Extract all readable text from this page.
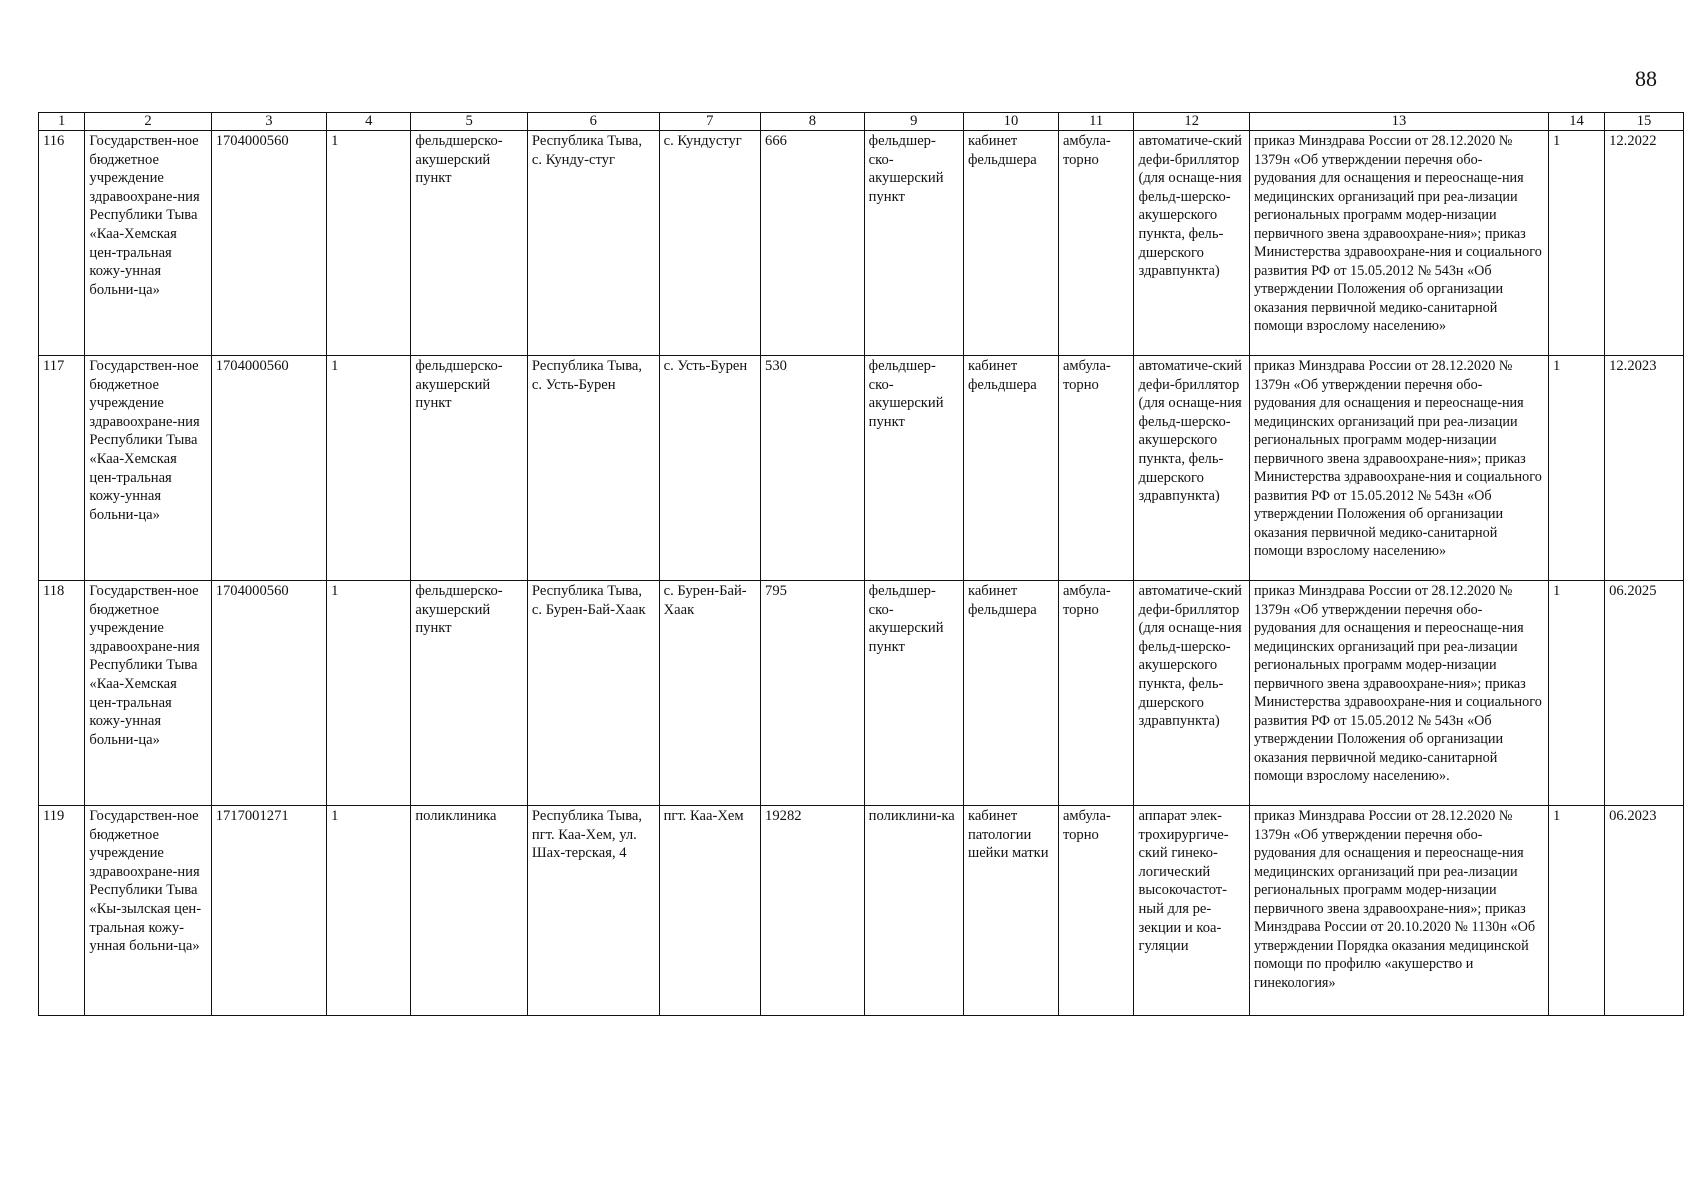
88
1	2	3	4	5	6	7	8	9	10	11	12	13	14	15
116	Государствен-ное бюджетное учреждение здравоохране-ния Республики Тыва «Каа-Хемская цен-тральная кожу-унная больни-ца»	1704000560	1	фельдшерско-акушерский пункт	Республика Тыва, с. Кунду-стуг	с. Кундустуг	666	фельдшер-ско-акушерский пункт	кабинет фельдшера	амбула-торно	автоматиче-ский дефи-бриллятор (для оснаще-ния фельд-шерско-акушерского пункта, фель-дшерского здравпункта)	приказ Минздрава России от 28.12.2020 № 1379н «Об утверждении перечня обо-рудования для оснащения и переоснаще-ния медицинских организаций при реа-лизации региональных программ модер-низации первичного звена здравоохране-ния»; приказ Министерства здравоохране-ния и социального развития РФ от 15.05.2012 № 543н «Об утверждении Положения об организации оказания первичной медико-санитарной помощи взрослому населению»	1	12.2022
117	Государствен-ное бюджетное учреждение здравоохране-ния Республики Тыва «Каа-Хемская цен-тральная кожу-унная больни-ца»	1704000560	1	фельдшерско-акушерский пункт	Республика Тыва, с. Усть-Бурен	с. Усть-Бурен	530	фельдшер-ско-акушерский пункт	кабинет фельдшера	амбула-торно	автоматиче-ский дефи-бриллятор (для оснаще-ния фельд-шерско-акушерского пункта, фель-дшерского здравпункта)	приказ Минздрава России от 28.12.2020 № 1379н «Об утверждении перечня обо-рудования для оснащения и переоснаще-ния медицинских организаций при реа-лизации региональных программ модер-низации первичного звена здравоохране-ния»; приказ Министерства здравоохране-ния и социального развития РФ от 15.05.2012 № 543н «Об утверждении Положения об организации оказания первичной медико-санитарной помощи взрослому населению»	1	12.2023
118	Государствен-ное бюджетное учреждение здравоохране-ния Республики Тыва «Каа-Хемская цен-тральная кожу-унная больни-ца»	1704000560	1	фельдшерско-акушерский пункт	Республика Тыва, с. Бурен-Бай-Хаак	с. Бурен-Бай-Хаак	795	фельдшер-ско-акушерский пункт	кабинет фельдшера	амбула-торно	автоматиче-ский дефи-бриллятор (для оснаще-ния фельд-шерско-акушерского пункта, фель-дшерского здравпункта)	приказ Минздрава России от 28.12.2020 № 1379н «Об утверждении перечня обо-рудования для оснащения и переоснаще-ния медицинских организаций при реа-лизации региональных программ модер-низации первичного звена здравоохране-ния»; приказ Министерства здравоохране-ния и социального развития РФ от 15.05.2012 № 543н «Об утверждении Положения об организации оказания первичной медико-санитарной помощи взрослому населению».	1	06.2025
119	Государствен-ное бюджетное учреждение здравоохране-ния Республики Тыва «Кы-зылская цен-тральная кожу-унная больни-ца»	1717001271	1	поликлиника	Республика Тыва, пгт. Каа-Хем, ул. Шах-терская, 4	пгт. Каа-Хем	19282	поликлини-ка	кабинет патологии шейки матки	амбула-торно	аппарат элек-трохирургиче-ский гинеко-логический высокочастот-ный для ре-зекции и коа-гуляции	приказ Минздрава России от 28.12.2020 № 1379н «Об утверждении перечня обо-рудования для оснащения и переоснаще-ния медицинских организаций при реа-лизации региональных программ модер-низации первичного звена здравоохране-ния»; приказ Минздрава России от 20.10.2020 № 1130н «Об утверждении Порядка оказания медицинской помощи по профилю «акушерство и гинекология»	1	06.2023
